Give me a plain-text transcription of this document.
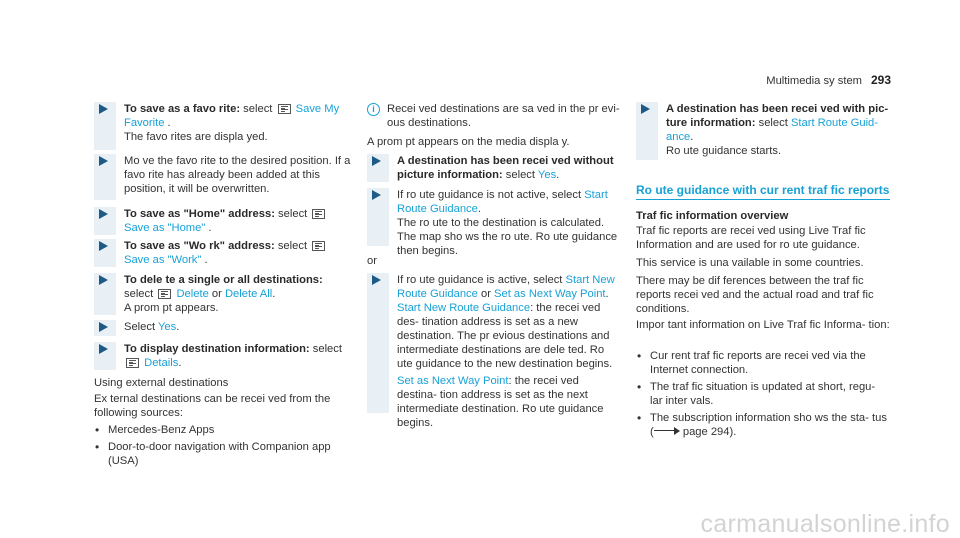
Multimedia sy stem 293
To save as a favo rite: select  Save My Favorite .
The favo rites are displa yed.
Mo ve the favo rite to the desired position. If a favo rite has already been added at this position, it will be overwritten.
To save as "Home" address: select
Save as "Home" .
To save as "Wo rk" address: select
Save as "Work" .
To dele te a single or all destinations:
select  Delete or Delete All.
A prom pt appears.
Select Yes.
To display destination information: select
Details.
Using external destinations
Ex ternal destinations can be recei ved from the following sources:
• Mercedes-Benz Apps
• Door-to-door navigation with Companion app (USA)
i Recei ved destinations are sa ved in the pr evi‐ ous destinations.
A prom pt appears on the media displa y.
A destination has been recei ved without picture information: select Yes.
If ro ute guidance is not active, select Start Route Guidance.
The ro ute to the destination is calculated. The map sho ws the ro ute. Ro ute guidance then begins.
or
If ro ute guidance is active, select Start New Route Guidance or Set as Next Way Point.
Start New Route Guidance: the recei ved des‐ tination address is set as a new destination. The pr evious destinations and intermediate destinations are dele ted. Ro ute guidance to the new destination begins.
Set as Next Way Point: the recei ved destina‐ tion address is set as the next intermediate destination. Ro ute guidance begins.
A destination has been recei ved with pic‐ ture information: select Start Route Guid‐ ance.
Ro ute guidance starts.
Ro ute guidance with cur rent traf fic reports
Traf fic information overview
Traf fic reports are recei ved using Live Traf fic Information and are used for ro ute guidance.
This service is una vailable in some countries.
There may be dif ferences between the traf fic reports recei ved and the actual road and traf fic conditions.
Impor tant information on Live Traf fic Informa‐ tion:
• Cur rent traf fic reports are recei ved via the Internet connection.
• The traf fic situation is updated at short, regu‐ lar inter vals.
• The subscription information sho ws the sta‐ tus (	page 294).
carmanualsonline.info
